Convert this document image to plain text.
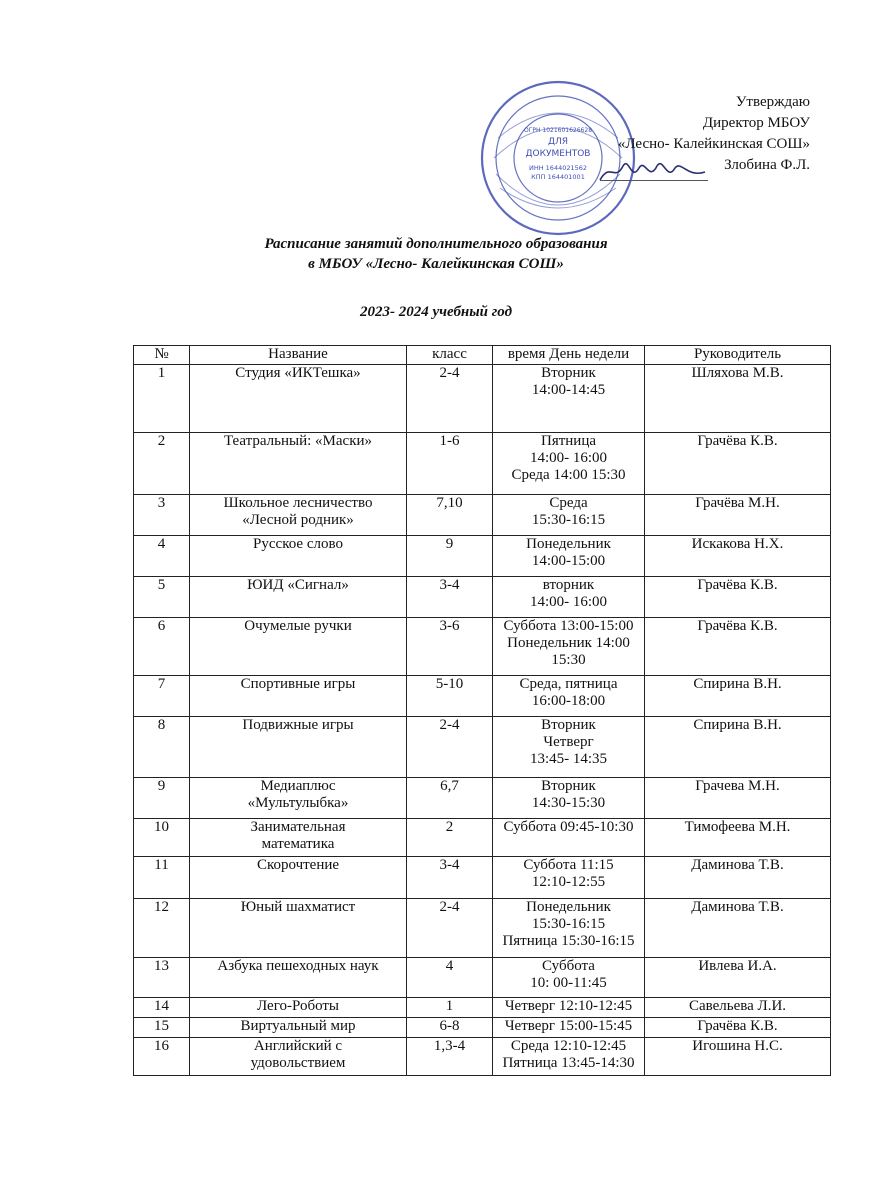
ДЛЯ
ДОКУМЕНТОВ
ИНН 1644021562
КПП 164401001
ОГРН 1021601626628
Утверждаю
Директор МБОУ
«Лесно- Калейкинская СОШ»
Злобина Ф.Л.
Расписание занятий дополнительного образования
в МБОУ «Лесно- Калейкинская СОШ»
2023- 2024 учебный год
№	Название	класс	время День недели	Руководитель
1	Студия «ИКТешка»	2-4	Вторник
14:00-14:45	Шляхова М.В.
2	Театральный: «Маски»	1-6	Пятница
14:00- 16:00
Среда 14:00 15:30	Грачёва К.В.
3	Школьное лесничество
«Лесной родник»	7,10	Среда
15:30-16:15	Грачёва М.Н.
4	Русское слово	9	Понедельник
14:00-15:00	Искакова Н.Х.
5	ЮИД «Сигнал»	3-4	вторник
14:00- 16:00	Грачёва К.В.
6	Очумелые ручки	3-6	Суббота 13:00-15:00
Понедельник 14:00
15:30	Грачёва К.В.
7	Спортивные игры	5-10	Среда, пятница
16:00-18:00	Спирина В.Н.
8	Подвижные игры	2-4	Вторник
Четверг
13:45- 14:35	Спирина В.Н.
9	Медиаплюс
«Мультулыбка»	6,7	Вторник
14:30-15:30	Грачева М.Н.
10	Занимательная
математика	2	Суббота 09:45-10:30	Тимофеева М.Н.
11	Скорочтение	3-4	Суббота 11:15
12:10-12:55	Даминова Т.В.
12	Юный шахматист	2-4	Понедельник
15:30-16:15
Пятница 15:30-16:15	Даминова Т.В.
13	Азбука пешеходных наук	4	Суббота
10: 00-11:45	Ивлева И.А.
14	Лего-Роботы	1	Четверг 12:10-12:45	Савельева Л.И.
15	Виртуальный мир	6-8	Четверг 15:00-15:45	Грачёва К.В.
16	Английский с
удовольствием	1,3-4	Среда 12:10-12:45
Пятница 13:45-14:30	Игошина Н.С.
